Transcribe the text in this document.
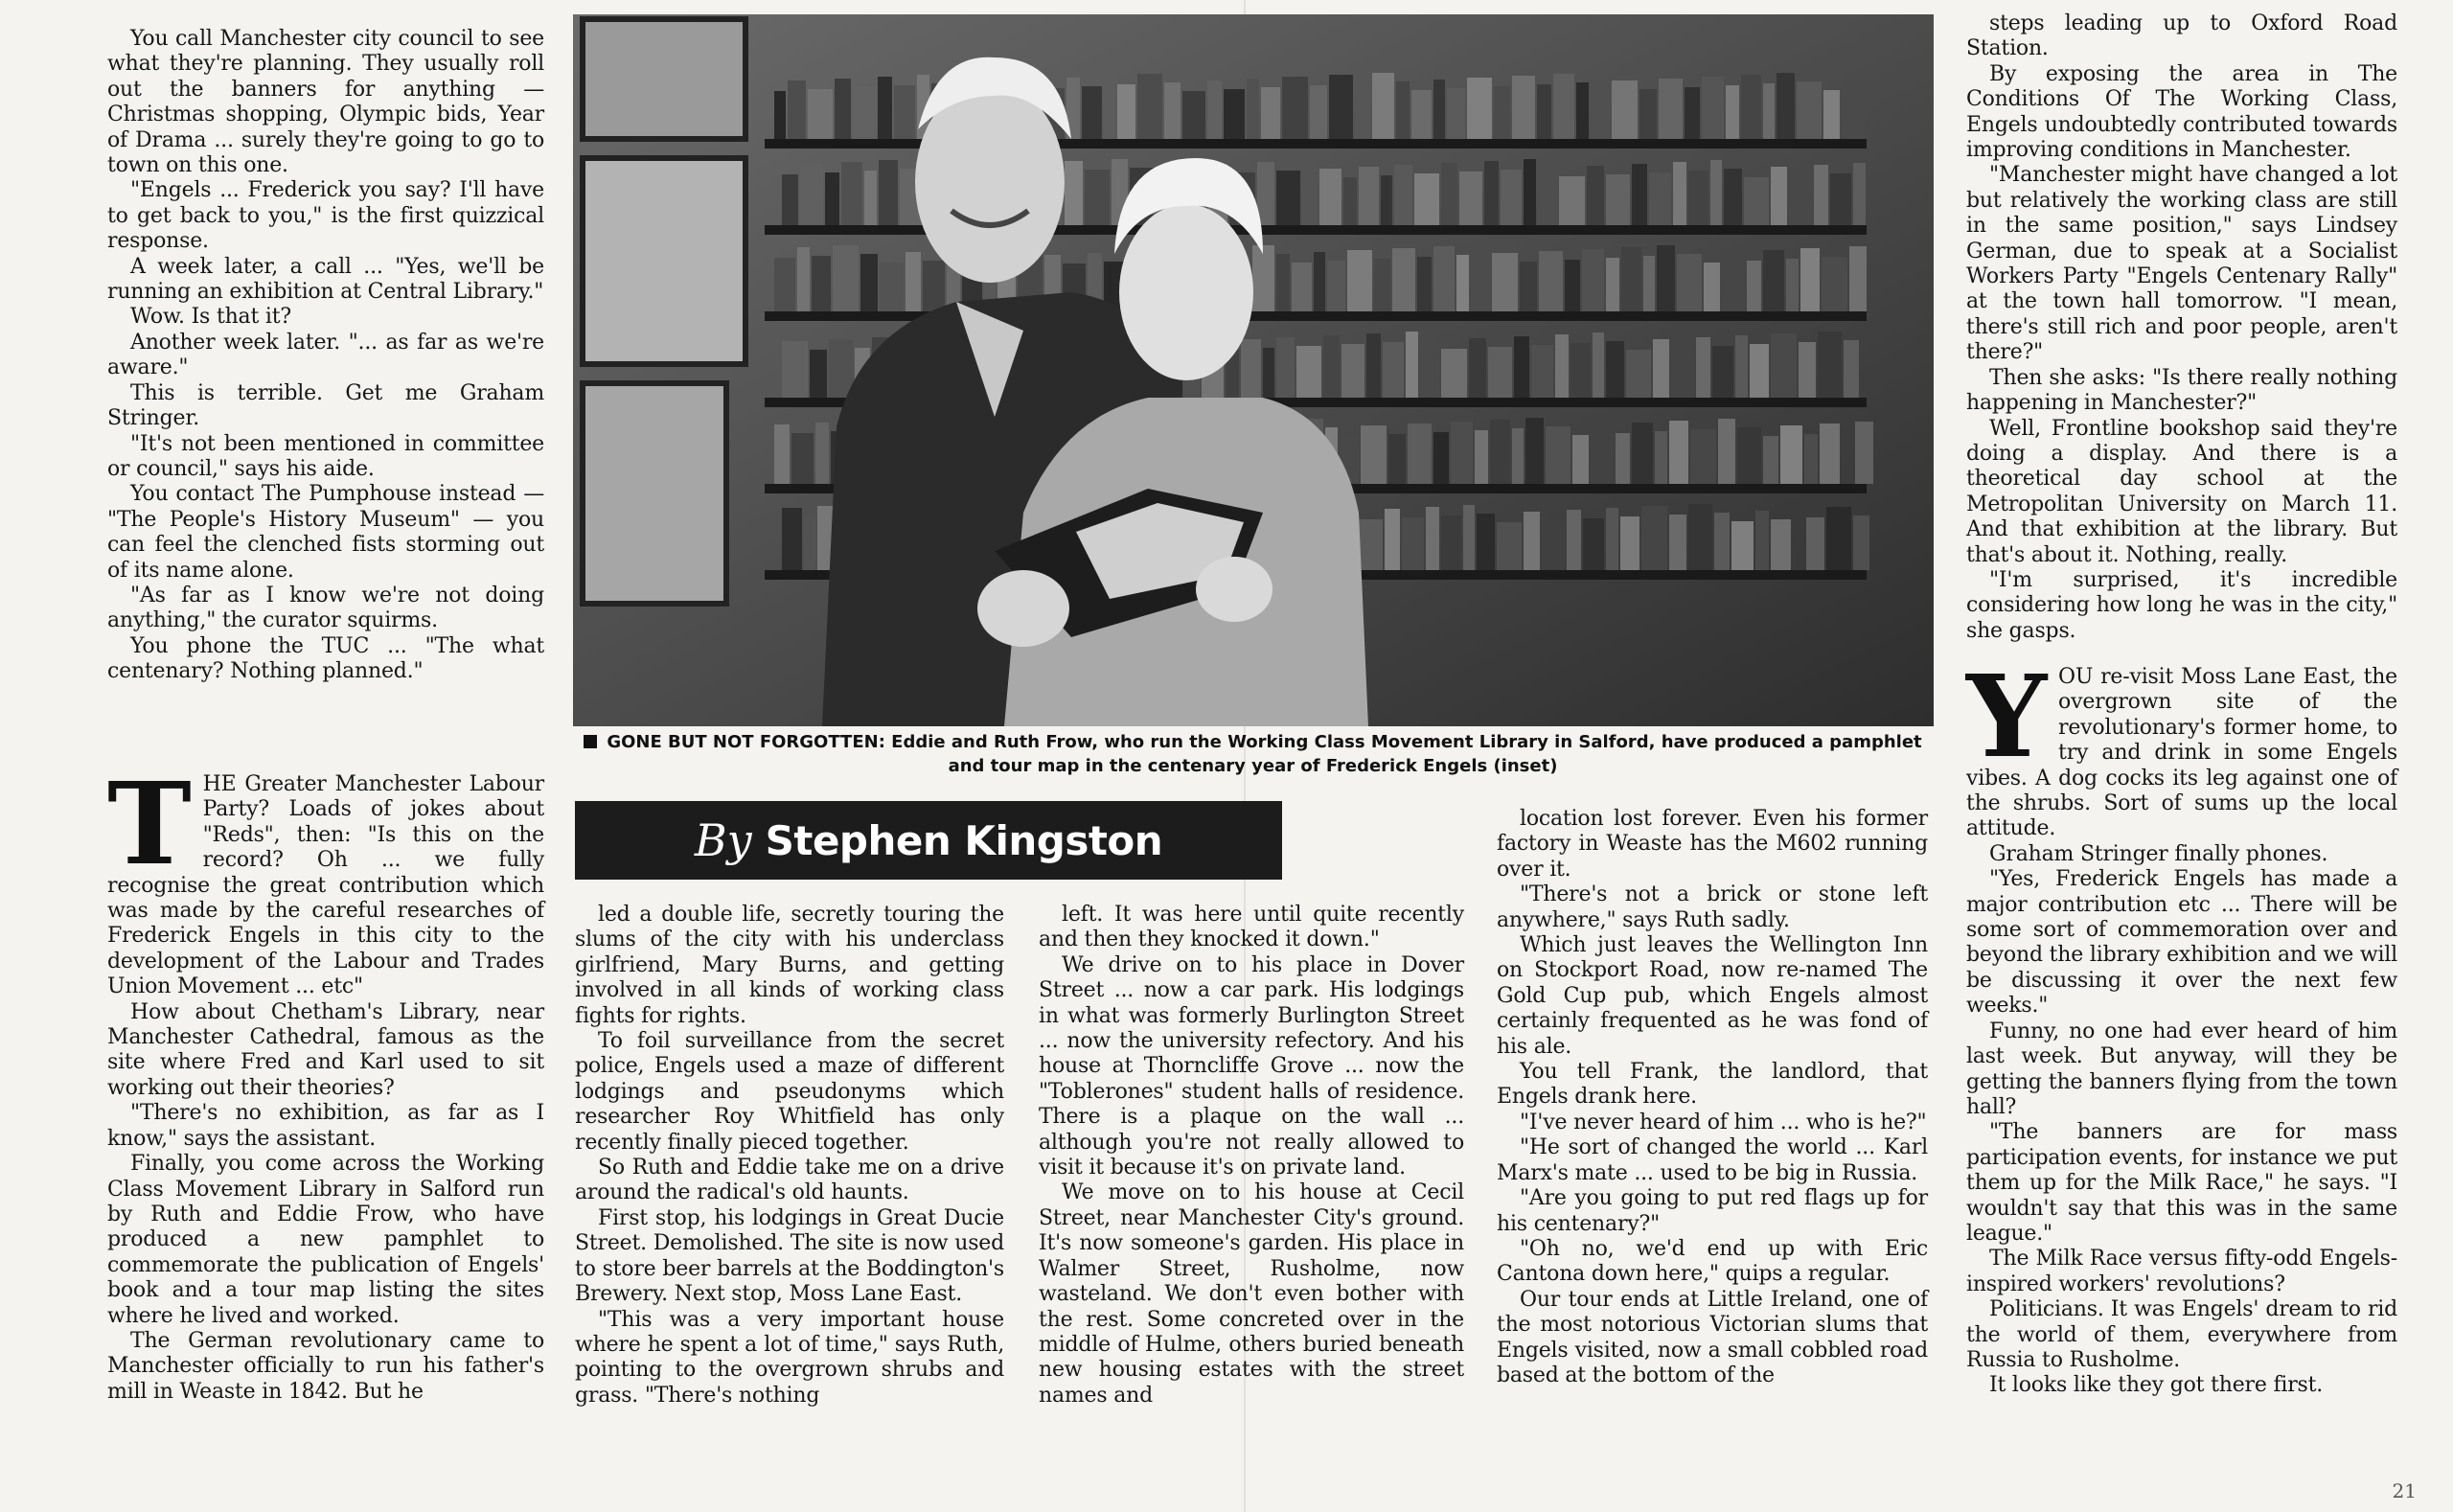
You call Manchester city council to see what they're planning. They usually roll out the banners for anything — Christmas shopping, Olympic bids, Year of Drama ... surely they're going to go to town on this one.

"Engels ... Frederick you say? I'll have to get back to you," is the first quizzical response.

A week later, a call ... "Yes, we'll be running an exhibition at Central Library."

Wow. Is that it?

Another week later. "... as far as we're aware."

This is terrible. Get me Graham Stringer.

"It's not been mentioned in committee or council," says his aide.

You contact The Pumphouse instead — "The People's History Museum" — you can feel the clenched fists storming out of its name alone.

"As far as I know we're not doing anything," the curator squirms.

You phone the TUC ... "The what centenary? Nothing planned."

T HE Greater Manchester Labour Party? Loads of jokes about "Reds", then: "Is this on the record? Oh ... we fully recognise the great contribution which was made by the careful researches of Frederick Engels in this city to the development of the Labour and Trades Union Movement ... etc"

How about Chetham's Library, near Manchester Cathedral, famous as the site where Fred and Karl used to sit working out their theories?

"There's no exhibition, as far as I know," says the assistant.

Finally, you come across the Working Class Movement Library in Salford run by Ruth and Eddie Frow, who have produced a new pamphlet to commemorate the publication of Engels' book and a tour map listing the sites where he lived and worked.

The German revolutionary came to Manchester officially to run his father's mill in Weaste in 1842. But he

GONE BUT NOT FORGOTTEN: Eddie and Ruth Frow, who run the Working Class Movement Library in Salford, have produced a pamphlet and tour map in the centenary year of Frederick Engels (inset)
By Stephen Kingston

led a double life, secretly touring the slums of the city with his underclass girlfriend, Mary Burns, and getting involved in all kinds of working class fights for rights.

To foil surveillance from the secret police, Engels used a maze of different lodgings and pseudonyms which researcher Roy Whitfield has only recently finally pieced together.

So Ruth and Eddie take me on a drive around the radical's old haunts.

First stop, his lodgings in Great Ducie Street. Demolished. The site is now used to store beer barrels at the Boddington's Brewery. Next stop, Moss Lane East.

"This was a very important house where he spent a lot of time," says Ruth, pointing to the overgrown shrubs and grass. "There's nothing

left. It was here until quite recently and then they knocked it down."

We drive on to his place in Dover Street ... now a car park. His lodgings in what was formerly Burlington Street ... now the university refectory. And his house at Thorncliffe Grove ... now the "Toblerones" student halls of residence. There is a plaque on the wall ... although you're not really allowed to visit it because it's on private land.

We move on to his house at Cecil Street, near Manchester City's ground. It's now someone's garden. His place in Walmer Street, Rusholme, now wasteland. We don't even bother with the rest. Some concreted over in the middle of Hulme, others buried beneath new housing estates with the street names and

location lost forever. Even his former factory in Weaste has the M602 running over it.

"There's not a brick or stone left anywhere," says Ruth sadly.

Which just leaves the Wellington Inn on Stockport Road, now re-named The Gold Cup pub, which Engels almost certainly frequented as he was fond of his ale.

You tell Frank, the landlord, that Engels drank here.

"I've never heard of him ... who is he?"

"He sort of changed the world ... Karl Marx's mate ... used to be big in Russia.

"Are you going to put red flags up for his centenary?"

"Oh no, we'd end up with Eric Cantona down here," quips a regular.

Our tour ends at Little Ireland, one of the most notorious Victorian slums that Engels visited, now a small cobbled road based at the bottom of the

steps leading up to Oxford Road Station.

By exposing the area in The Conditions Of The Working Class, Engels undoubtedly contributed towards improving conditions in Manchester.

"Manchester might have changed a lot but relatively the working class are still in the same position," says Lindsey German, due to speak at a Socialist Workers Party "Engels Centenary Rally" at the town hall tomorrow. "I mean, there's still rich and poor people, aren't there?"

Then she asks: "Is there really nothing happening in Manchester?"

Well, Frontline bookshop said they're doing a display. And there is a theoretical day school at the Metropolitan University on March 11. And that exhibition at the library. But that's about it. Nothing, really.

"I'm surprised, it's incredible considering how long he was in the city," she gasps.

Y OU re-visit Moss Lane East, the overgrown site of the revolutionary's former home, to try and drink in some Engels vibes. A dog cocks its leg against one of the shrubs. Sort of sums up the local attitude.

Graham Stringer finally phones.

"Yes, Frederick Engels has made a major contribution etc ... There will be some sort of commemoration over and beyond the library exhibition and we will be discussing it over the next few weeks."

Funny, no one had ever heard of him last week. But anyway, will they be getting the banners flying from the town hall?

"The banners are for mass participation events, for instance we put them up for the Milk Race," he says. "I wouldn't say that this was in the same league."

The Milk Race versus fifty-odd Engels-inspired workers' revolutions?

Politicians. It was Engels' dream to rid the world of them, everywhere from Russia to Rusholme.

It looks like they got there first.

21
